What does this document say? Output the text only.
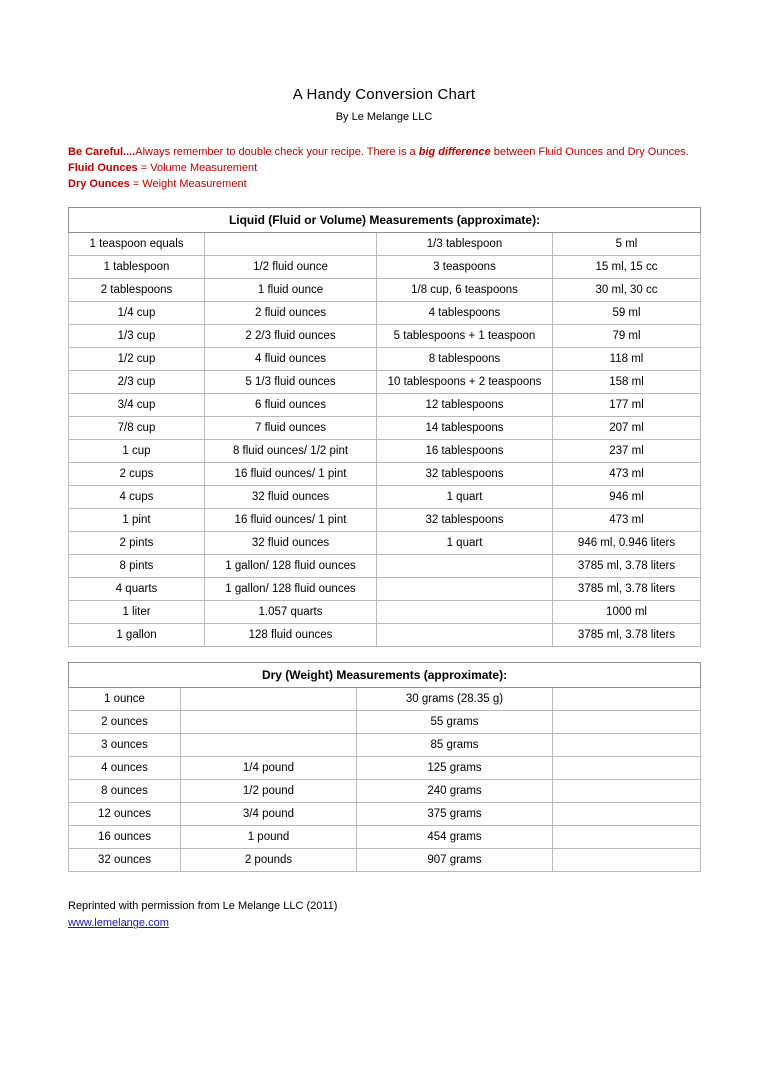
A Handy Conversion Chart
By Le Melange LLC
Be Careful....Always remember to double check your recipe. There is a big difference between Fluid Ounces and Dry Ounces.
Fluid Ounces = Volume Measurement
Dry Ounces = Weight Measurement
Liquid (Fluid or Volume) Measurements (approximate):			
1 teaspoon equals		1/3 tablespoon	5 ml
1 tablespoon	1/2 fluid ounce	3 teaspoons	15 ml, 15 cc
2 tablespoons	1 fluid ounce	1/8 cup, 6 teaspoons	30 ml, 30 cc
1/4 cup	2 fluid ounces	4 tablespoons	59 ml
1/3 cup	2 2/3 fluid ounces	5 tablespoons + 1 teaspoon	79 ml
1/2 cup	4 fluid ounces	8 tablespoons	118 ml
2/3 cup	5 1/3 fluid ounces	10 tablespoons + 2 teaspoons	158 ml
3/4 cup	6 fluid ounces	12 tablespoons	177 ml
7/8 cup	7 fluid ounces	14 tablespoons	207 ml
1 cup	8 fluid ounces/ 1/2 pint	16 tablespoons	237 ml
2 cups	16 fluid ounces/ 1 pint	32 tablespoons	473 ml
4 cups	32 fluid ounces	1 quart	946 ml
1 pint	16 fluid ounces/ 1 pint	32 tablespoons	473 ml
2 pints	32 fluid ounces	1 quart	946 ml, 0.946 liters
8 pints	1 gallon/ 128 fluid ounces		3785 ml, 3.78 liters
4 quarts	1 gallon/ 128 fluid ounces		3785 ml, 3.78 liters
1 liter	1.057 quarts		1000 ml
1 gallon	128 fluid ounces		3785 ml, 3.78 liters
Dry (Weight) Measurements (approximate):			
1 ounce		30 grams (28.35 g)	
2 ounces		55 grams	
3 ounces		85 grams	
4 ounces	1/4 pound	125 grams	
8 ounces	1/2 pound	240 grams	
12 ounces	3/4 pound	375 grams	
16 ounces	1 pound	454 grams	
32 ounces	2 pounds	907 grams	
Reprinted with permission from Le Melange LLC (2011)
www.lemelange.com
